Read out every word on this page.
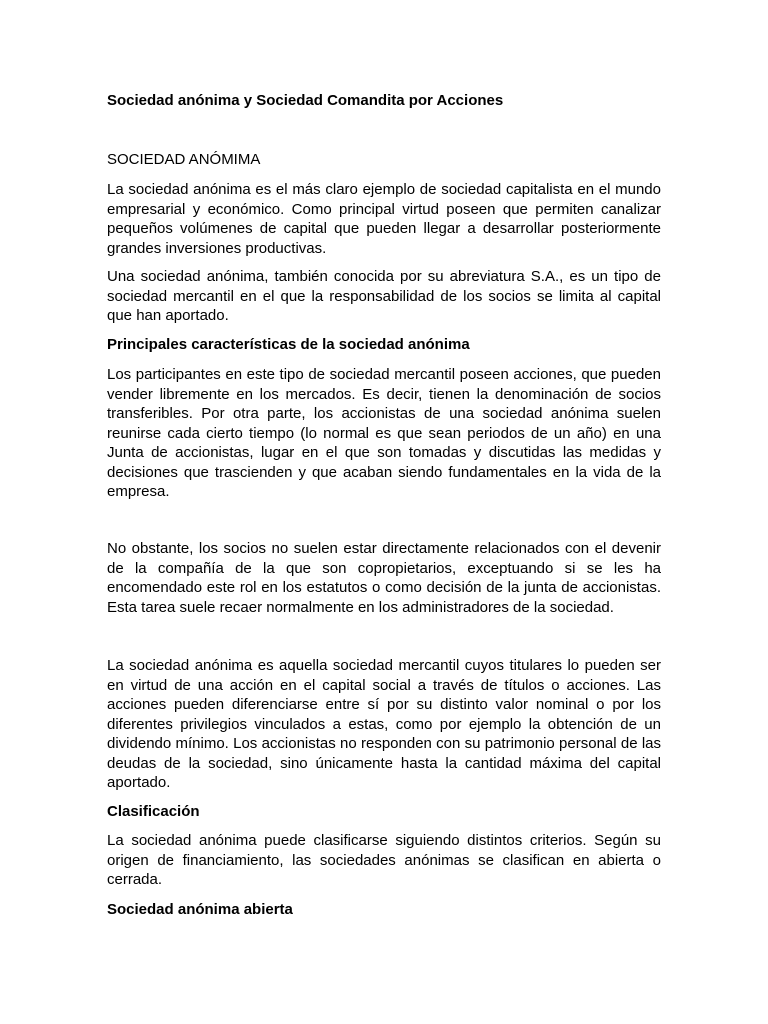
Sociedad anónima y Sociedad Comandita por Acciones

SOCIEDAD ANÓMIMA

La sociedad anónima es el más claro ejemplo de sociedad capitalista en el mundo empresarial y económico. Como principal virtud poseen que permiten canalizar pequeños volúmenes de capital que pueden llegar a desarrollar posteriormente grandes inversiones productivas.

Una sociedad anónima, también conocida por su abreviatura S.A., es un tipo de sociedad mercantil en el que la responsabilidad de los socios se limita al capital que han aportado.

Principales características de la sociedad anónima

Los participantes en este tipo de sociedad mercantil poseen acciones, que pueden vender libremente en los mercados. Es decir, tienen la denominación de socios transferibles. Por otra parte, los accionistas de una sociedad anónima suelen reunirse cada cierto tiempo (lo normal es que sean periodos de un año) en una Junta de accionistas, lugar en el que son tomadas y discutidas las medidas y decisiones que trascienden y que acaban siendo fundamentales en la vida de la empresa.

No obstante, los socios no suelen estar directamente relacionados con el devenir de la compañía de la que son copropietarios, exceptuando si se les ha encomendado este rol en los estatutos o como decisión de la junta de accionistas. Esta tarea suele recaer normalmente en los administradores de la sociedad.

La sociedad anónima es aquella sociedad mercantil cuyos titulares lo pueden ser en virtud de una acción en el capital social a través de títulos o acciones. Las acciones pueden diferenciarse entre sí por su distinto valor nominal o por los diferentes privilegios vinculados a estas, como por ejemplo la obtención de un dividendo mínimo. Los accionistas no responden con su patrimonio personal de las deudas de la sociedad, sino únicamente hasta la cantidad máxima del capital aportado.

Clasificación

La sociedad anónima puede clasificarse siguiendo distintos criterios. Según su origen de financiamiento, las sociedades anónimas se clasifican en abierta o cerrada.

Sociedad anónima abierta
